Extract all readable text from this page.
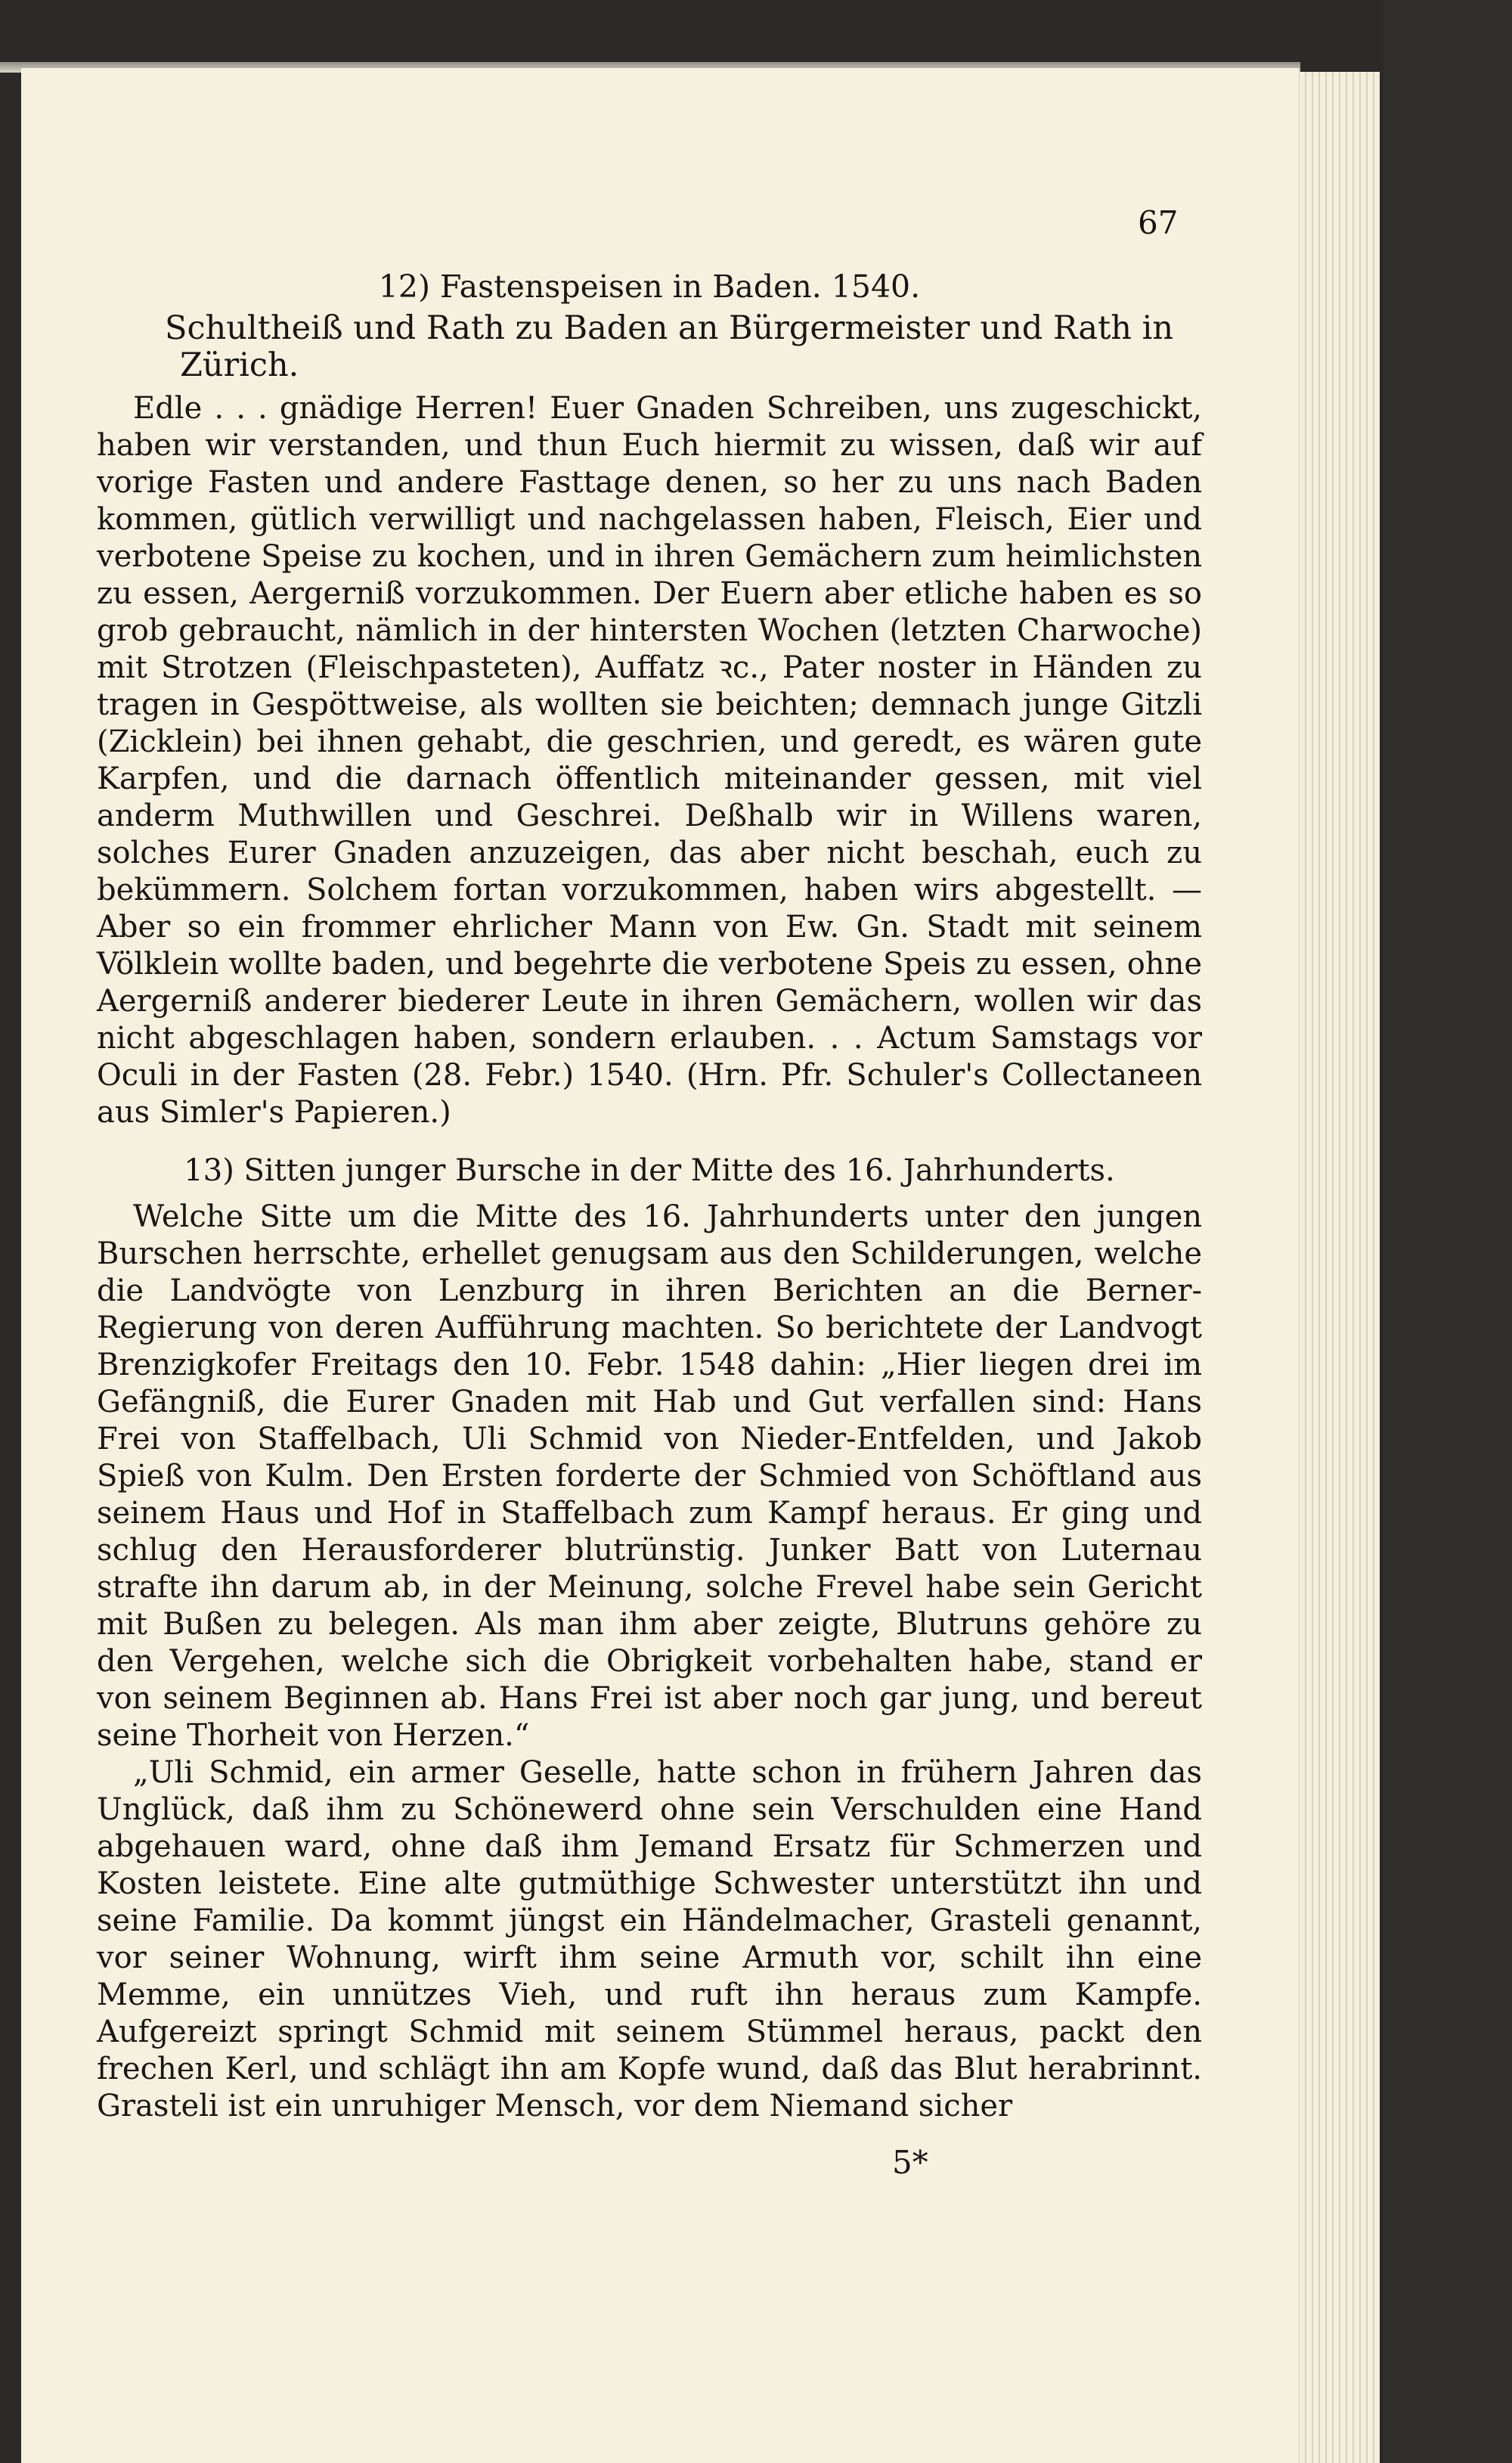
67

12) Fastenspeisen in Baden. 1540.

Schultheiß und Rath zu Baden an Bürgermeister und Rath in Zürich.

Edle . . . gnädige Herren! Euer Gnaden Schreiben, uns zugeschickt, haben wir verstanden, und thun Euch hiermit zu wissen, daß wir auf vorige Fasten und andere Fasttage denen, so her zu uns nach Baden kommen, gütlich verwilligt und nachgelassen haben, Fleisch, Eier und verbotene Speise zu kochen, und in ihren Gemächern zum heimlichsten zu essen, Aergerniß vorzukommen. Der Euern aber etliche haben es so grob gebraucht, nämlich in der hintersten Wochen (letzten Charwoche) mit Strotzen (Fleischpasteten), Auffatz ꝛc., Pater noster in Händen zu tragen in Gespöttweise, als wollten sie beichten; demnach junge Gitzli (Zicklein) bei ihnen gehabt, die geschrien, und geredt, es wären gute Karpfen, und die darnach öffentlich miteinander gessen, mit viel anderm Muthwillen und Geschrei. Deßhalb wir in Willens waren, solches Eurer Gnaden anzuzeigen, das aber nicht beschah, euch zu bekümmern. Solchem fortan vorzukommen, haben wirs abgestellt. — Aber so ein frommer ehrlicher Mann von Ew. Gn. Stadt mit seinem Völklein wollte baden, und begehrte die verbotene Speis zu essen, ohne Aergerniß anderer biederer Leute in ihren Gemächern, wollen wir das nicht abgeschlagen haben, sondern erlauben. . . Actum Samstags vor Oculi in der Fasten (28. Febr.) 1540. (Hrn. Pfr. Schuler's Collectaneen aus Simler's Papieren.)

13) Sitten junger Bursche in der Mitte des 16. Jahrhunderts.

Welche Sitte um die Mitte des 16. Jahrhunderts unter den jungen Burschen herrschte, erhellet genugsam aus den Schilderungen, welche die Landvögte von Lenzburg in ihren Berichten an die Berner-Regierung von deren Aufführung machten. So berichtete der Landvogt Brenzigkofer Freitags den 10. Febr. 1548 dahin: „Hier liegen drei im Gefängniß, die Eurer Gnaden mit Hab und Gut verfallen sind: Hans Frei von Staffelbach, Uli Schmid von Nieder-Entfelden, und Jakob Spieß von Kulm. Den Ersten forderte der Schmied von Schöftland aus seinem Haus und Hof in Staffelbach zum Kampf heraus. Er ging und schlug den Herausforderer blutrünstig. Junker Batt von Luternau strafte ihn darum ab, in der Meinung, solche Frevel habe sein Gericht mit Bußen zu belegen. Als man ihm aber zeigte, Blutruns gehöre zu den Vergehen, welche sich die Obrigkeit vorbehalten habe, stand er von seinem Beginnen ab. Hans Frei ist aber noch gar jung, und bereut seine Thorheit von Herzen.“

„Uli Schmid, ein armer Geselle, hatte schon in frühern Jahren das Unglück, daß ihm zu Schönewerd ohne sein Verschulden eine Hand abgehauen ward, ohne daß ihm Jemand Ersatz für Schmerzen und Kosten leistete. Eine alte gutmüthige Schwester unterstützt ihn und seine Familie. Da kommt jüngst ein Händelmacher, Grasteli genannt, vor seiner Wohnung, wirft ihm seine Armuth vor, schilt ihn eine Memme, ein unnützes Vieh, und ruft ihn heraus zum Kampfe. Aufgereizt springt Schmid mit seinem Stümmel heraus, packt den frechen Kerl, und schlägt ihn am Kopfe wund, daß das Blut herabrinnt. Grasteli ist ein unruhiger Mensch, vor dem Niemand sicher

5*
